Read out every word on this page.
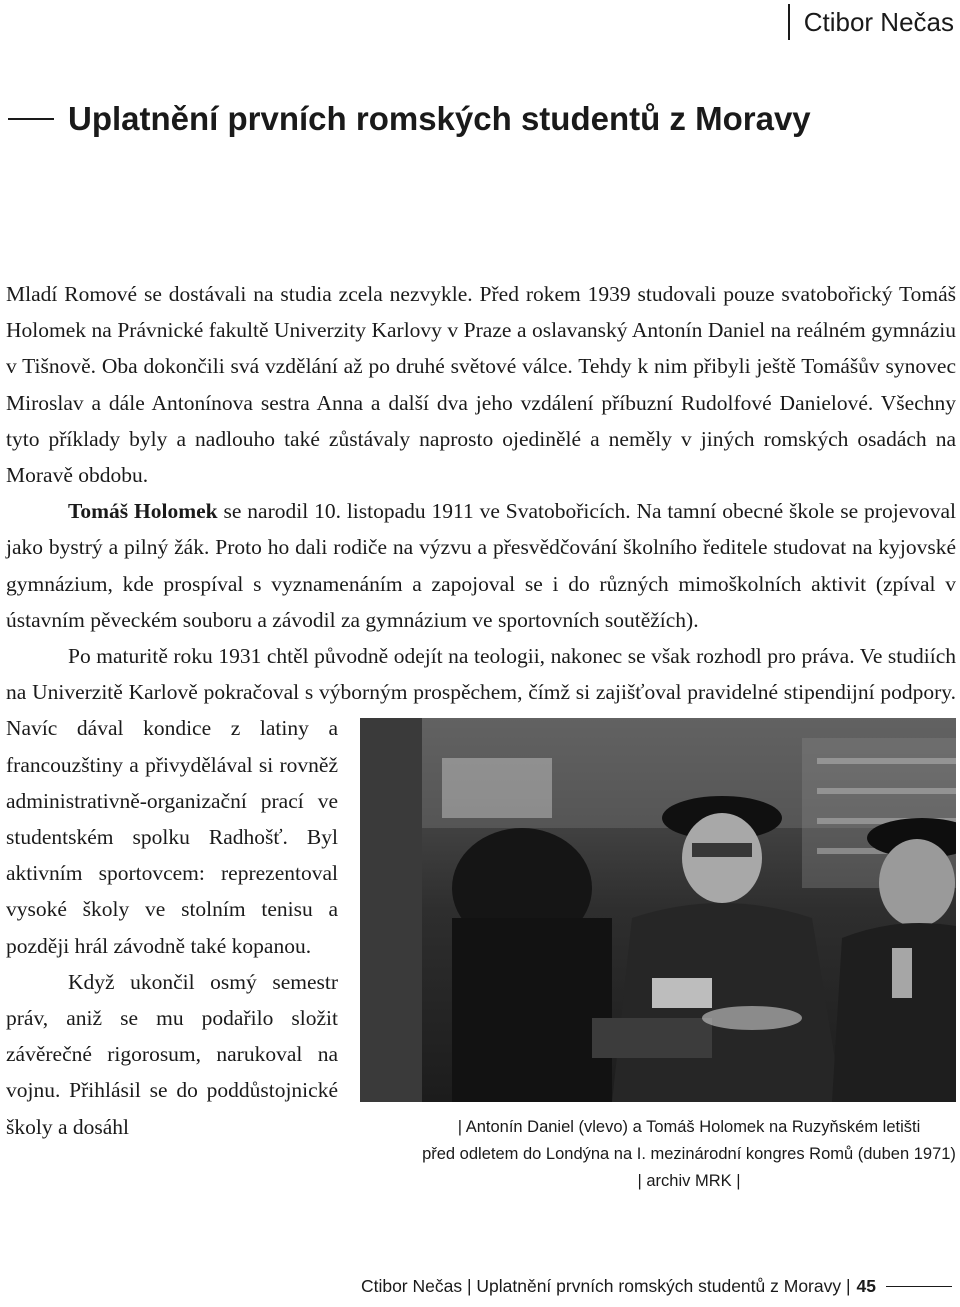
Ctibor Nečas
Uplatnění prvních romských studentů z Moravy

Mladí Romové se dostávali na studia zcela nezvykle. Před rokem 1939 studovali pouze svatobořický Tomáš Holomek na Právnické fakultě Univerzity Karlovy v Praze a oslavanský Antonín Daniel na reálném gymnáziu v Tišnově. Oba dokončili svá vzdělání až po druhé světové válce. Tehdy k nim přibyli ještě Tomášův synovec Miroslav a dále Antonínova sestra Anna a další dva jeho vzdálení příbuzní Rudolfové Danielové. Všechny tyto příklady byly a nadlouho také zůstávaly naprosto ojedinělé a neměly v jiných romských osadách na Moravě obdobu.

Tomáš Holomek se narodil 10. listopadu 1911 ve Svatobořicích. Na tamní obecné škole se projevoval jako bystrý a pilný žák. Proto ho dali rodiče na výzvu a přesvědčování školního ředitele studovat na kyjovské gymnázium, kde prospíval s vyznamenáním a zapojoval se i do různých mimoškolních aktivit (zpíval v ústavním pěveckém souboru a závodil za gymnázium ve sportovních soutěžích).

Po maturitě roku 1931 chtěl původně odejít na teologii, nakonec se však rozhodl pro práva. Ve studiích na Univerzitě Karlově pokračoval s výborným prospěchem, čímž si zajišťo
| Antonín Daniel (vlevo) a Tomáš Holomek na Ruzyňském letišti
před odletem do Londýna na I. mezinárodní kongres Romů (duben 1971)
| archiv MRK |
val pravidelné stipendijní podpory. Navíc dával kondice z latiny a francouzštiny a přivydělával si rovněž administrativně-organizační prací ve studentském spolku Radhošť. Byl aktivním sportovcem: reprezentoval vysoké školy ve stolním tenisu a později hrál závodně také kopanou.

Když ukončil osmý semestr práv, aniž se mu podařilo složit závěrečné rigorosum, narukoval na vojnu. Přihlásil se do poddůstojnické školy a dosáhl

Ctibor Nečas | Uplatnění prvních romských studentů z Moravy | 45
